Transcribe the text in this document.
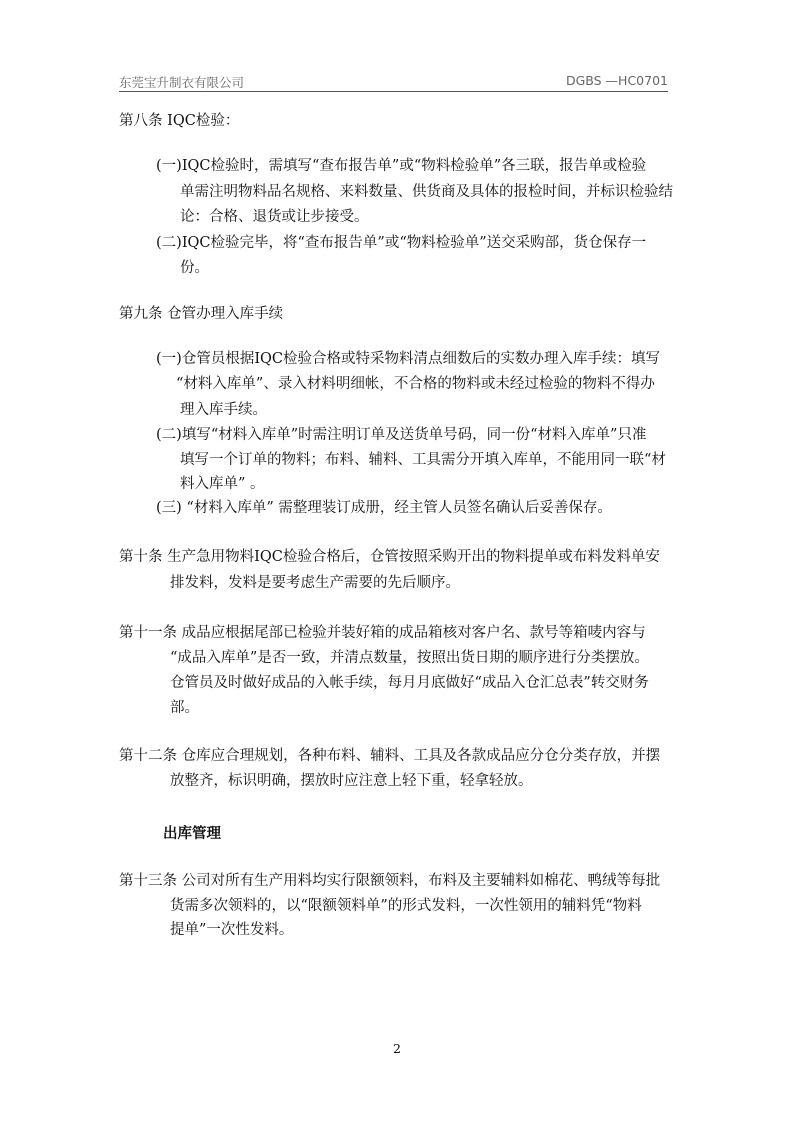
东莞宝升制衣有限公司	DGBS —HC0701
第八条 IQC检验：
(一)IQC检验时，需填写“查布报告单”或“物料检验单”各三联，报告单或检验
单需注明物料品名规格、来料数量、供货商及具体的报检时间，并标识检验结
论：合格、退货或让步接受。
(二)IQC检验完毕，将“查布报告单”或“物料检验单”送交采购部，货仓保存一
份。
第九条 仓管办理入库手续
(一)仓管员根据IQC检验合格或特采物料清点细数后的实数办理入库手续：填写
“材料入库单”、录入材料明细帐，不合格的物料或未经过检验的物料不得办
理入库手续。
(二)填写“材料入库单”时需注明订单及送货单号码，同一份“材料入库单”只准
填写一个订单的物料；布料、辅料、工具需分开填入库单，不能用同一联“材
料入库单” 。
(三) “材料入库单” 需整理装订成册，经主管人员签名确认后妥善保存。
第十条 生产急用物料IQC检验合格后，仓管按照采购开出的物料提单或布料发料单安
排发料，发料是要考虑生产需要的先后顺序。
第十一条 成品应根据尾部已检验并装好箱的成品箱核对客户名、款号等箱唛内容与
“成品入库单”是否一致，并清点数量，按照出货日期的顺序进行分类摆放。
仓管员及时做好成品的入帐手续，每月月底做好“成品入仓汇总表”转交财务
部。
第十二条 仓库应合理规划，各种布料、辅料、工具及各款成品应分仓分类存放，并摆
放整齐，标识明确，摆放时应注意上轻下重，轻拿轻放。
出库管理
第十三条 公司对所有生产用料均实行限额领料，布料及主要辅料如棉花、鸭绒等每批
货需多次领料的，以“限额领料单”的形式发料，一次性领用的辅料凭“物料
提单”一次性发料。
2
